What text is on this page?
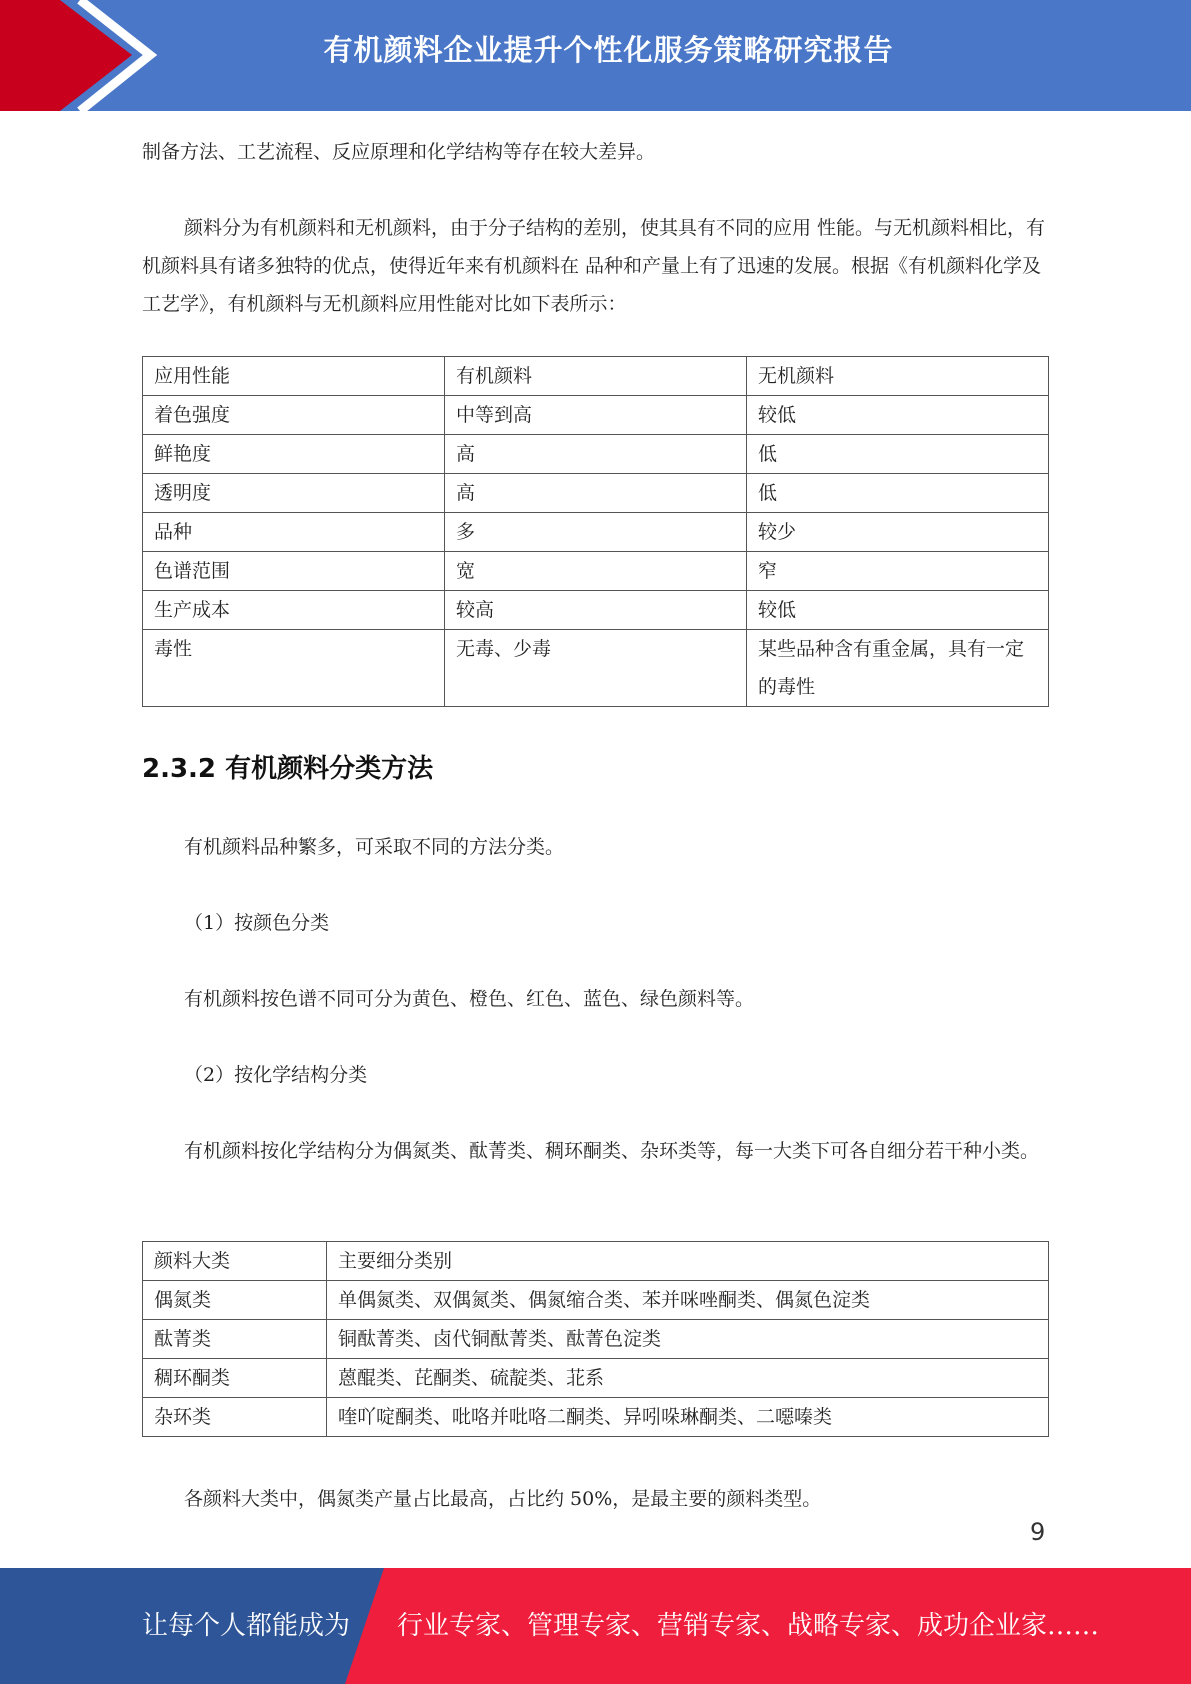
有机颜料企业提升个性化服务策略研究报告

制备方法、工艺流程、反应原理和化学结构等存在较大差异。

颜料分为有机颜料和无机颜料，由于分子结构的差别，使其具有不同的应用 性能。与无机颜料相比，有机颜料具有诸多独特的优点，使得近年来有机颜料在 品种和产量上有了迅速的发展。根据《有机颜料化学及工艺学》，有机颜料与无机颜料应用性能对比如下表所示：

应用性能	有机颜料	无机颜料
着色强度	中等到高	较低
鲜艳度	高	低
透明度	高	低
品种	多	较少
色谱范围	宽	窄
生产成本	较高	较低
毒性	无毒、少毒	某些品种含有重金属，具有一定的毒性
2.3.2 有机颜料分类方法

有机颜料品种繁多，可采取不同的方法分类。

（1）按颜色分类

有机颜料按色谱不同可分为黄色、橙色、红色、蓝色、绿色颜料等。

（2）按化学结构分类

有机颜料按化学结构分为偶氮类、酞菁类、稠环酮类、杂环类等，每一大类下可各自细分若干种小类。

颜料大类	主要细分类别
偶氮类	单偶氮类、双偶氮类、偶氮缩合类、苯并咪唑酮类、偶氮色淀类
酞菁类	铜酞菁类、卤代铜酞菁类、酞菁色淀类
稠环酮类	蒽醌类、芘酮类、硫靛类、苝系
杂环类	喹吖啶酮类、吡咯并吡咯二酮类、异吲哚琳酮类、二噁嗪类

各颜料大类中，偶氮类产量占比最高，占比约 50%，是最主要的颜料类型。

9
让每个人都能成为 行业专家、管理专家、营销专家、战略专家、成功企业家……
